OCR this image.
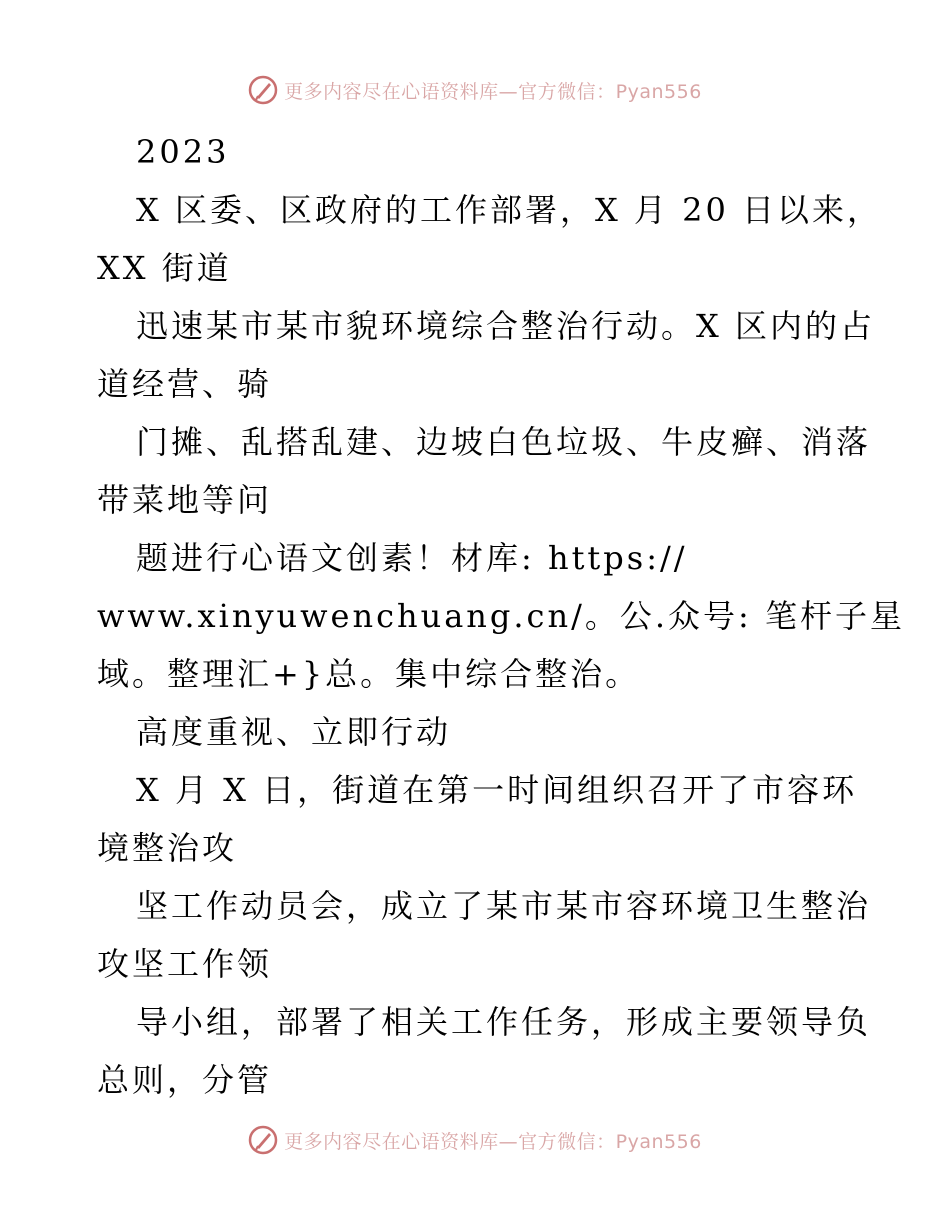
更多内容尽在心语资料库—官方微信：Pyan556
2023
X 区委、区政府的工作部署，X 月 20 日以来，
XX 街道
迅速某市某市貌环境综合整治行动。X 区内的占
道经营、骑
门摊、乱搭乱建、边坡白色垃圾、牛皮癣、消落
带菜地等问
题进行心语文创素！材库: https://
www.xinyuwenchuang.cn/。公.众号: 笔杆子星
域。整理汇+}总。集中综合整治。
高度重视、立即行动
X 月 X 日，街道在第一时间组织召开了市容环
境整治攻
坚工作动员会，成立了某市某市容环境卫生整治
攻坚工作领
导小组，部署了相关工作任务，形成主要领导负
总则，分管
更多内容尽在心语资料库—官方微信：Pyan556
